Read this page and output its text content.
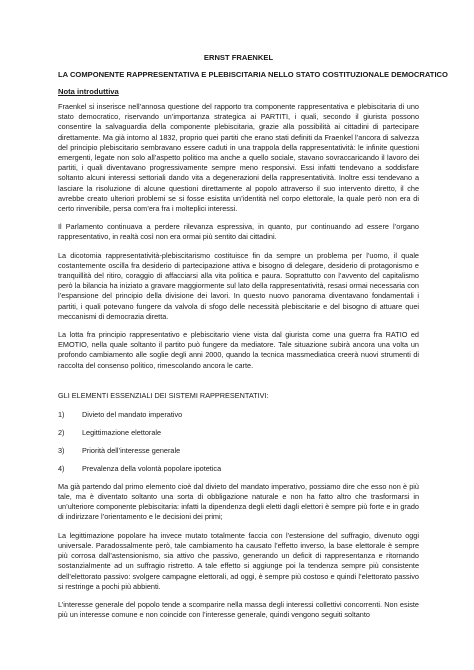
ERNST FRAENKEL
LA COMPONENTE RAPPRESENTATIVA E PLEBISCITARIA NELLO STATO COSTITUZIONALE DEMOCRATICO
Nota introduttiva

Fraenkel si inserisce nell’annosa questione del rapporto tra componente rappresentativa e plebiscitaria di uno stato democratico, riservando un’importanza strategica ai PARTITI, i quali, secondo il giurista possono consentire la salvaguardia della componente plebiscitaria, grazie alla possibilità ai cittadini di partecipare direttamente. Ma già intorno al 1832, proprio quei partiti che erano stati definiti da Fraenkel l’ancora di salvezza del principio plebiscitario sembravano essere caduti in una trappola della rappresentatività: le infinite questioni emergenti, legate non solo all’aspetto politico ma anche a quello sociale, stavano sovraccaricando il lavoro dei partiti, i quali diventavano progressivamente sempre meno responsivi. Essi infatti tendevano a soddisfare soltanto alcuni interessi settoriali dando vita a degenerazioni della rappresentatività. Inoltre essi tendevano a lasciare la risoluzione di alcune questioni direttamente al popolo attraverso il suo intervento diretto, il che avrebbe creato ulteriori problemi se si fosse esistita un’identità nel corpo elettorale, la quale però non era di certo rinvenibile, persa com’era fra i molteplici interessi.

Il Parlamento continuava a perdere rilevanza espressiva, in quanto, pur continuando ad essere l’organo rappresentativo, in realtà così non era ormai più sentito dai cittadini.

La dicotomia rappresentatività-plebiscitarismo costituisce fin da sempre un problema per l’uomo, il quale costantemente oscilla fra desiderio di partecipazione attiva e bisogno di delegare, desiderio di protagonismo e tranquillità del ritiro, coraggio di affacciarsi alla vita politica e paura. Soprattutto con l’avvento del capitalismo però la bilancia ha iniziato a gravare maggiormente sul lato della rappresentatività, resasi ormai necessaria con l’espansione del principio della divisione dei lavori. In questo nuovo panorama diventavano fondamentali i partiti, i quali potevano fungere da valvola di sfogo delle necessità plebiscitarie e del bisogno di attuare quei meccanismi di democrazia diretta.

La lotta fra principio rappresentativo e plebiscitario viene vista dal giurista come una guerra fra RATIO ed EMOTIO, nella quale soltanto il partito può fungere da mediatore. Tale situazione subirà ancora una volta un profondo cambiamento alle soglie degli anni 2000, quando la tecnica massmediatica creerà nuovi strumenti di raccolta del consenso politico, rimescolando ancora le carte.

GLI ELEMENTI ESSENZIALI DEI SISTEMI RAPPRESENTATIVI:
1)	Divieto del mandato imperativo
2)	Legittimazione elettorale
3)	Priorità dell’interesse generale
4)	Prevalenza della volontà popolare ipotetica

Ma già partendo dal primo elemento cioè dal divieto del mandato imperativo, possiamo dire che esso non è più tale, ma è diventato soltanto una sorta di obbligazione naturale e non ha fatto altro che trasformarsi in un’ulteriore componente plebiscitaria: infatti la dipendenza degli eletti dagli elettori è sempre più forte e in grado di indirizzare l’orientamento e le decisioni dei primi;

La legittimazione popolare ha invece mutato totalmente faccia con l’estensione del suffragio, divenuto oggi universale. Paradossalmente però, tale cambiamento ha causato l’effetto inverso, la base elettorale è sempre più corrosa dall’astensionismo, sia attivo che passivo, generando un deficit di rappresentanza e ritornando sostanzialmente ad un suffragio ristretto. A tale effetto si aggiunge poi la tendenza sempre più consistente dell’elettorato passivo: svolgere campagne elettorali, ad oggi, è sempre più costoso e quindi l’elettorato passivo si restringe a pochi più abbienti.

L’interesse generale del popolo tende a scomparire nella massa degli interessi collettivi concorrenti. Non esiste più un interesse comune e non coincide con l’interesse generale, quindi vengono seguiti soltanto
